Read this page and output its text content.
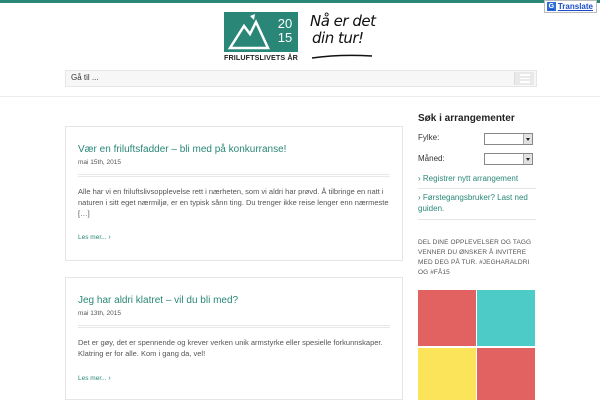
G Translate
20
15
FRILUFTSLIVETS ÅR
Nå er det
din tur!
Gå til ...
Vær en friluftsfadder – bli med på konkurranse!
mai 15th, 2015
Alle har vi en friluftslivsopplevelse rett i nærheten, som vi aldri har prøvd. Å tilbringe en natt i naturen i sitt eget nærmiljø, er en typisk sånn ting. Du trenger ikke reise lenger enn nærmeste […]
Les mer... ›
Jeg har aldri klatret – vil du bli med?
mai 13th, 2015
Det er gøy, det er spennende og krever verken unik armstyrke eller spesielle forkunnskaper. Klatring er for alle. Kom i gang da, vel!
Les mer... ›
Søk i arrangementer
Fylke:
Måned:
› Registrer nytt arrangement
› Førstegangsbruker? Last ned guiden.
DEL DINE OPPLEVELSER OG TAGG VENNER DU ØNSKER Å INVITERE MED DEG PÅ TUR. #JEGHARALDRI OG #FÅ15
